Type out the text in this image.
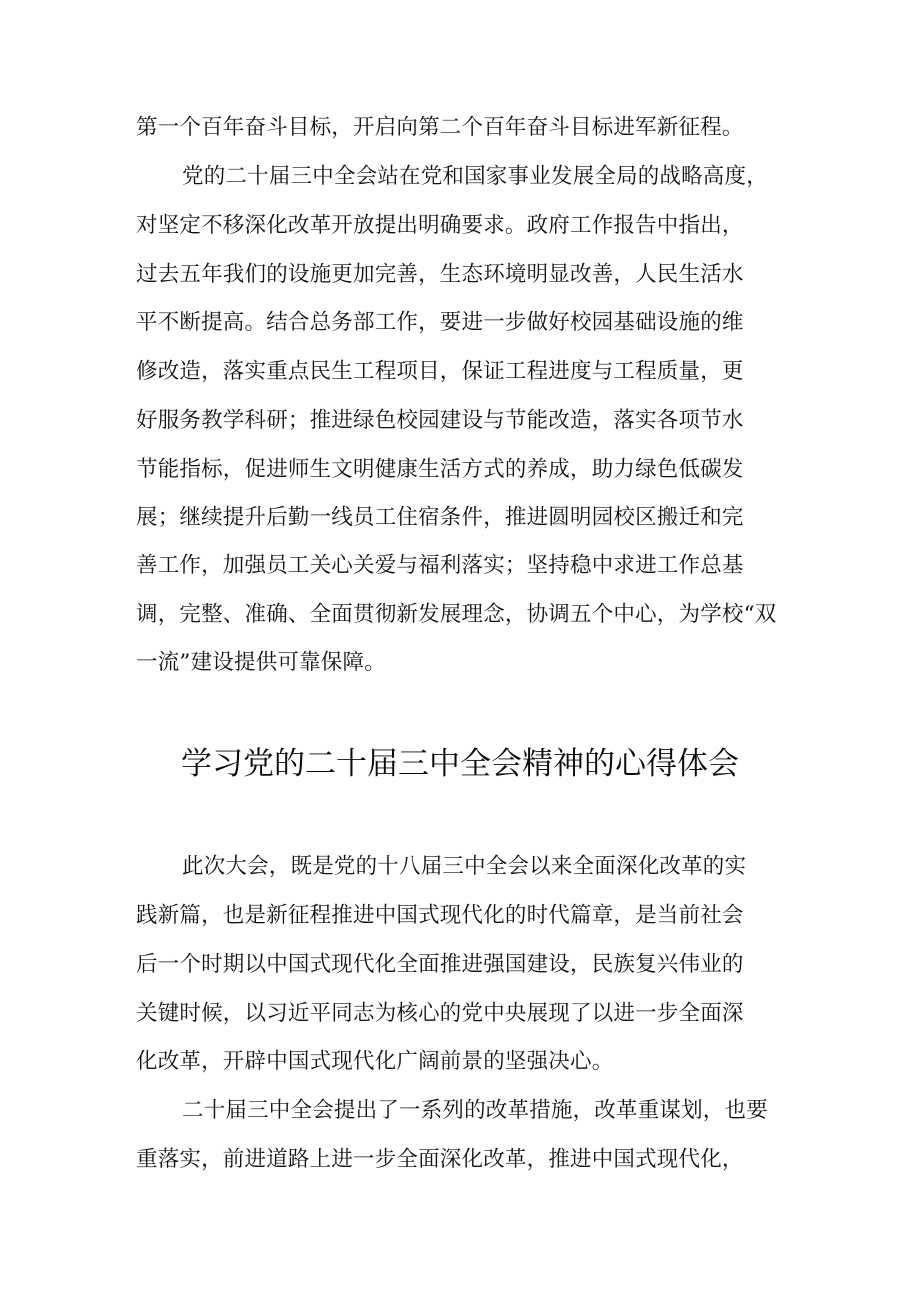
第一个百年奋斗目标，开启向第二个百年奋斗目标进军新征程。
党的二十届三中全会站在党和国家事业发展全局的战略高度，
对坚定不移深化改革开放提出明确要求。政府工作报告中指出，
过去五年我们的设施更加完善，生态环境明显改善，人民生活水
平不断提高。结合总务部工作，要进一步做好校园基础设施的维
修改造，落实重点民生工程项目，保证工程进度与工程质量，更
好服务教学科研；推进绿色校园建设与节能改造，落实各项节水
节能指标，促进师生文明健康生活方式的养成，助力绿色低碳发
展；继续提升后勤一线员工住宿条件，推进圆明园校区搬迁和完
善工作，加强员工关心关爱与福利落实；坚持稳中求进工作总基
调，完整、准确、全面贯彻新发展理念，协调五个中心，为学校“双
一流”建设提供可靠保障。
学习党的二十届三中全会精神的心得体会
此次大会，既是党的十八届三中全会以来全面深化改革的实
践新篇，也是新征程推进中国式现代化的时代篇章，是当前社会
后一个时期以中国式现代化全面推进强国建设，民族复兴伟业的
关键时候，以习近平同志为核心的党中央展现了以进一步全面深
化改革，开辟中国式现代化广阔前景的坚强决心。
二十届三中全会提出了一系列的改革措施，改革重谋划，也要
重落实，前进道路上进一步全面深化改革，推进中国式现代化，
